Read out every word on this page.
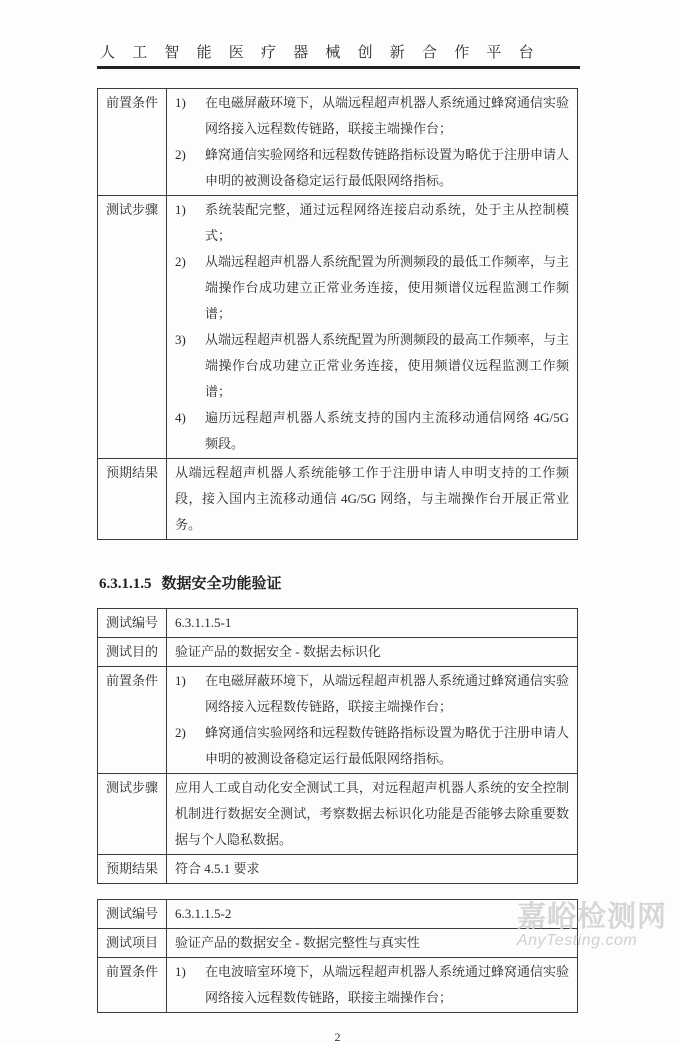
人工智能医疗器械创新合作平台
前置条件	1) 在电磁屏蔽环境下，从端远程超声机器人系统通过蜂窝通信实验网络接入远程数传链路，联接主端操作台；
2) 蜂窝通信实验网络和远程数传链路指标设置为略优于注册申请人申明的被测设备稳定运行最低限网络指标。

测试步骤	1)	系统装配完整，通过远程网络连接启动系统，处于主从控制模式；
2)	从端远程超声机器人系统配置为所测频段的最低工作频率，与主端操作台成功建立正常业务连接，使用频谱仪远程监测工作频谱；
3)	从端远程超声机器人系统配置为所测频段的最高工作频率，与主端操作台成功建立正常业务连接，使用频谱仪远程监测工作频谱；
4)	遍历远程超声机器人系统支持的国内主流移动通信网络 4G/5G 频段。

预期结果	从端远程超声机器人系统能够工作于注册申请人申明支持的工作频段，接入国内主流移动通信 4G/5G 网络，与主端操作台开展正常业务。
6.3.1.1.5 数据安全功能验证
测试编号	6.3.1.1.5-1

测试目的	验证产品的数据安全 - 数据去标识化

前置条件	1) 在电磁屏蔽环境下，从端远程超声机器人系统通过蜂窝通信实验网络接入远程数传链路，联接主端操作台；
2) 蜂窝通信实验网络和远程数传链路指标设置为略优于注册申请人申明的被测设备稳定运行最低限网络指标。

测试步骤	应用人工或自动化安全测试工具，对远程超声机器人系统的安全控制机制进行数据安全测试，考察数据去标识化功能是否能够去除重要数据与个人隐私数据。

预期结果	符合 4.5.1 要求
测试编号	6.3.1.1.5-2

测试项目	验证产品的数据安全 - 数据完整性与真实性

前置条件	1) 在电波暗室环境下，从端远程超声机器人系统通过蜂窝通信实验网络接入远程数传链路，联接主端操作台；
2
嘉峪检测网
AnyTesting.com
